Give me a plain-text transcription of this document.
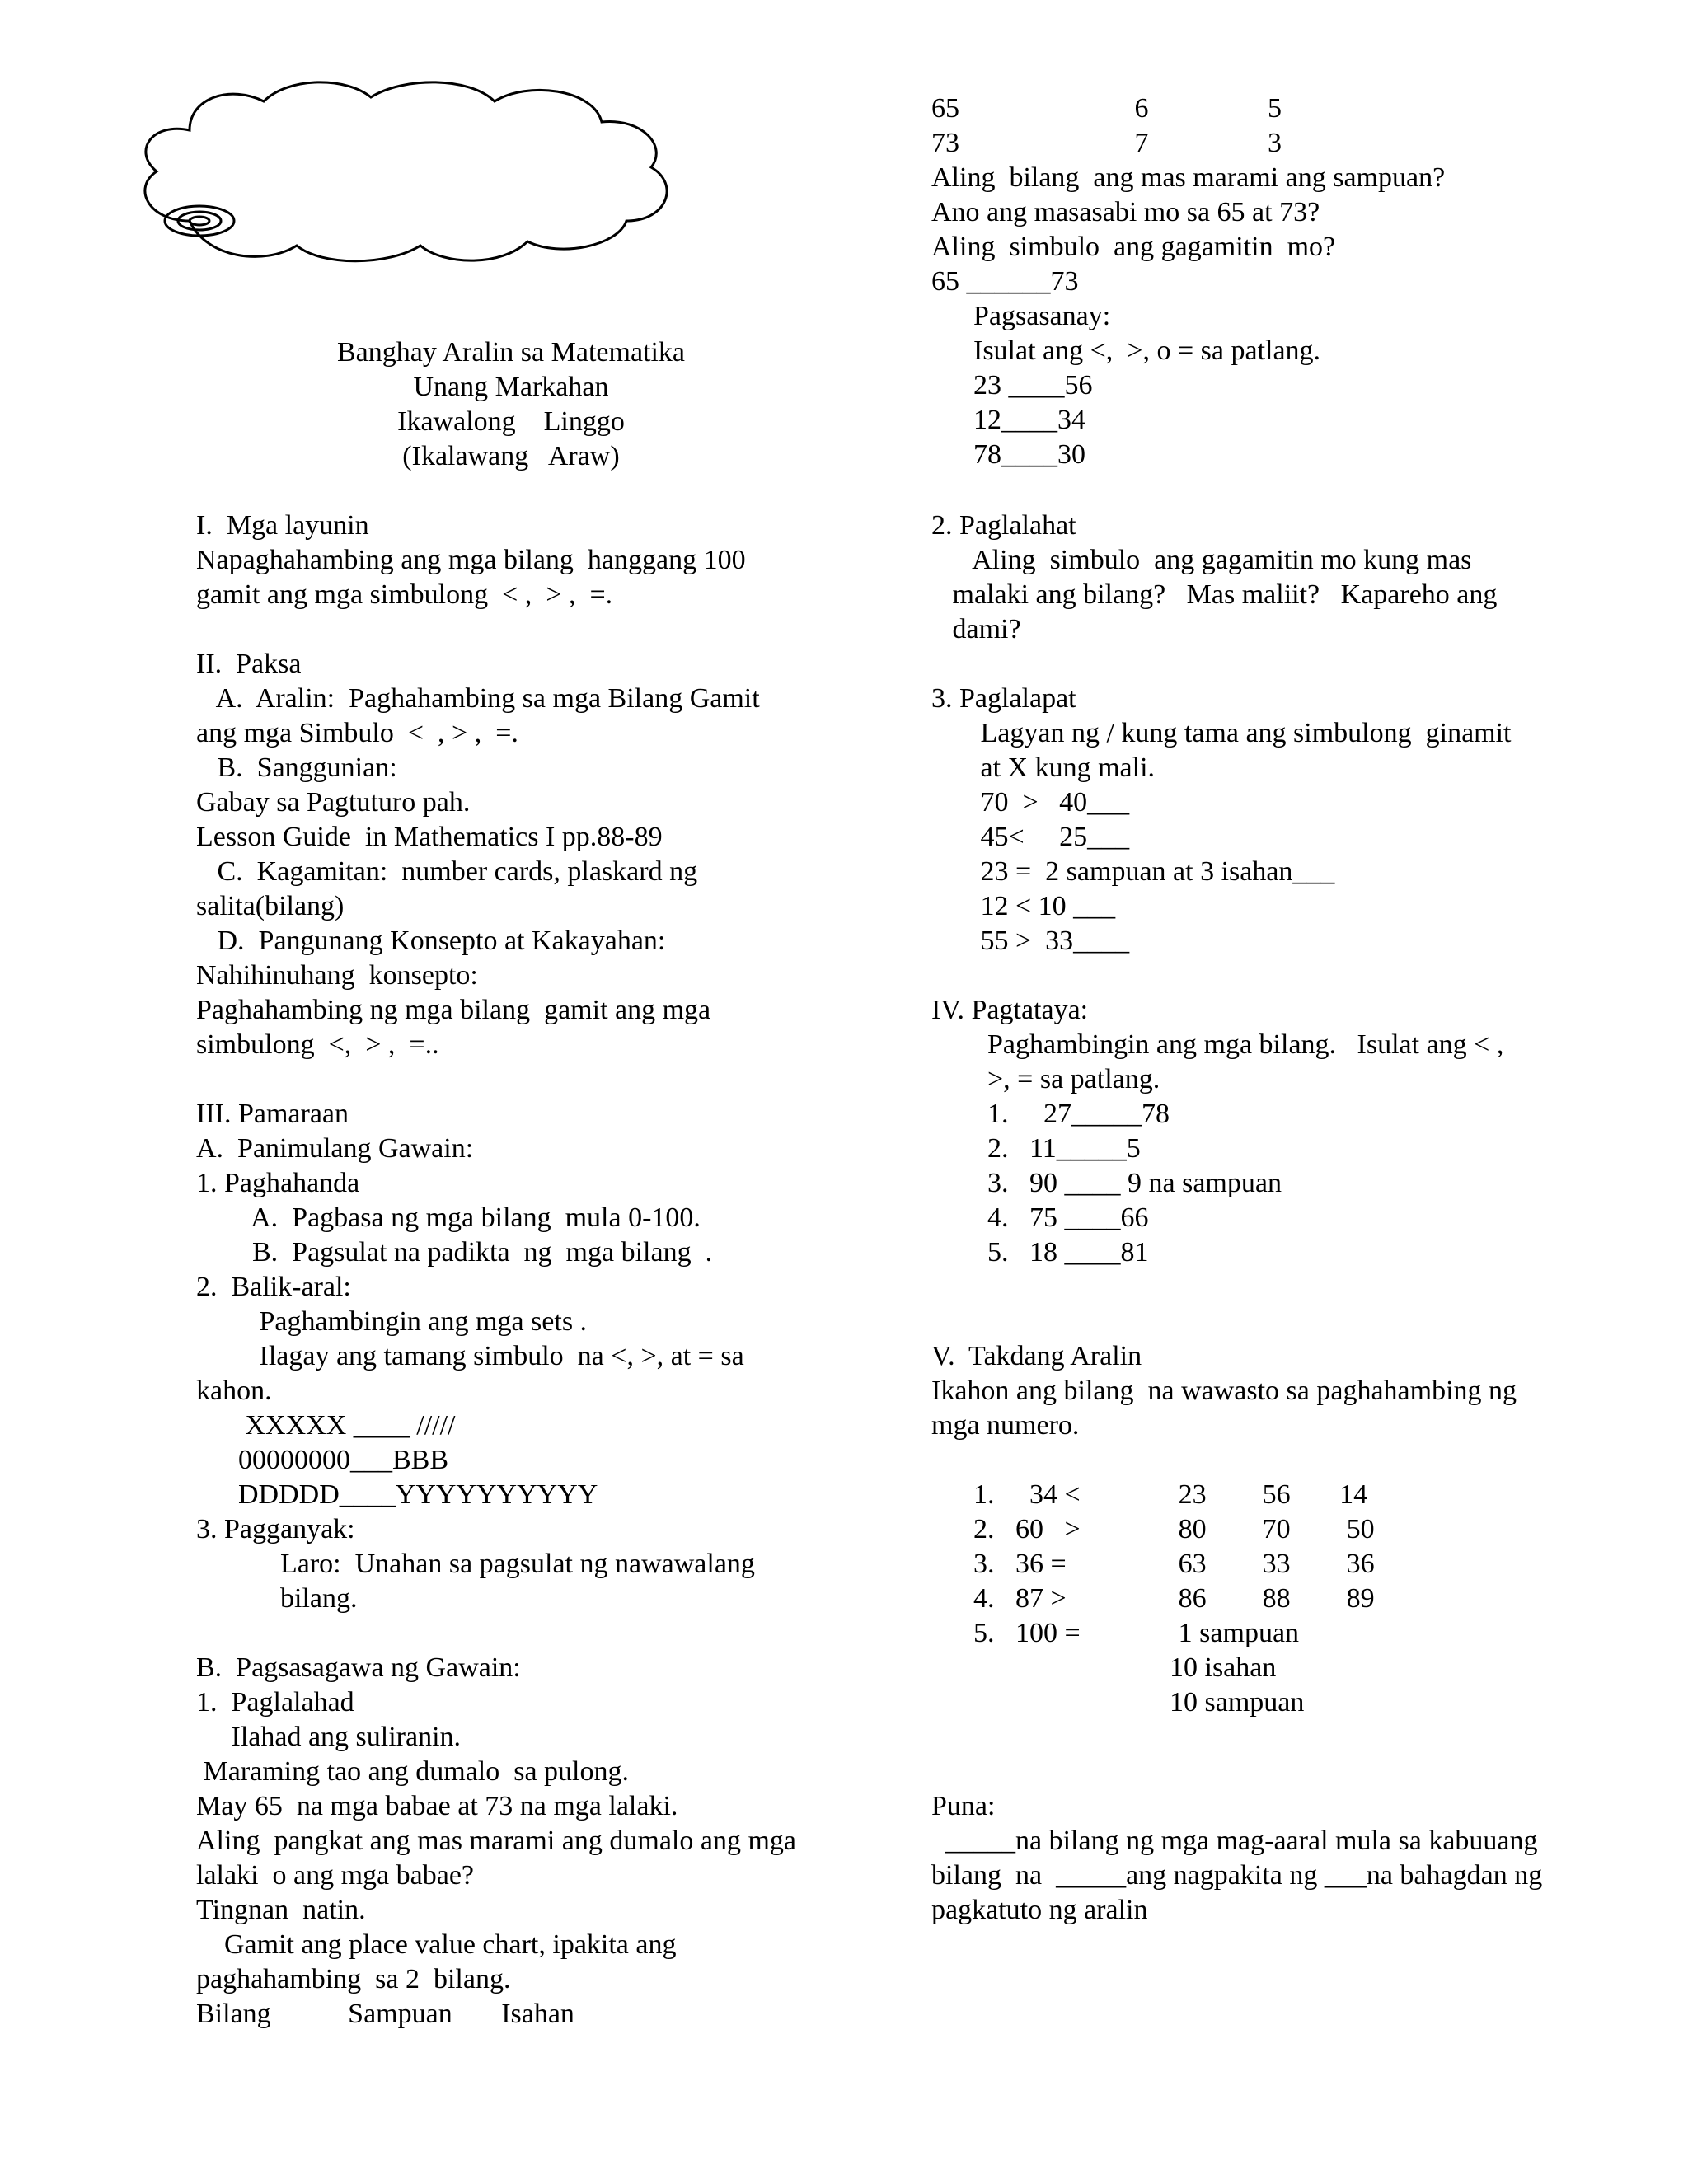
Banghay Aralin sa Matematika
Unang Markahan
Ikawalong    Linggo
(Ikalawang   Araw)
I.  Mga layunin
Napaghahambing ang mga bilang  hanggang 100
gamit ang mga simbulong  < ,  > ,  =.
II.  Paksa
A.  Aralin:  Paghahambing sa mga Bilang Gamit
ang mga Simbulo  <  , > ,  =.
B.  Sanggunian:
Gabay sa Pagtuturo pah.
Lesson Guide  in Mathematics I pp.88-89
C.  Kagamitan:  number cards, plaskard ng
salita(bilang)
D.  Pangunang Konsepto at Kakayahan:
Nahihinuhang  konsepto:
Paghahambing ng mga bilang  gamit ang mga
simbulong  <,  > ,  =..
III. Pamaraan
A.  Panimulang Gawain:
1. Paghahanda
A.  Pagbasa ng mga bilang  mula 0-100.
B.  Pagsulat na padikta  ng  mga bilang  .
2.  Balik-aral:
Paghambingin ang mga sets .
Ilagay ang tamang simbulo  na <, >, at = sa
kahon.
XXXXX ____ /////
00000000___BBB
DDDDD____YYYYYYYYYY
3. Pagganyak:
Laro:  Unahan sa pagsulat ng nawawalang
bilang.
B.  Pagsasagawa ng Gawain:
1.  Paglalahad
Ilahad ang suliranin.
Maraming tao ang dumalo  sa pulong.
May 65  na mga babae at 73 na mga lalaki.
Aling  pangkat ang mas marami ang dumalo ang mga
lalaki  o ang mga babae?
Tingnan  natin.
Gamit ang place value chart, ipakita ang
paghahambing  sa 2  bilang.
Bilang           Sampuan       Isahan
65                         6                 5
73                         7                 3
Aling  bilang  ang mas marami ang sampuan?
Ano ang masasabi mo sa 65 at 73?
Aling  simbulo  ang gagamitin  mo?
65 ______73
Pagsasanay:
Isulat ang <,  >, o = sa patlang.
23 ____56
12____34
78____30
2. Paglalahat
Aling  simbulo  ang gagamitin mo kung mas
malaki ang bilang?   Mas maliit?   Kapareho ang
dami?
3. Paglalapat
Lagyan ng / kung tama ang simbulong  ginamit
at X kung mali.
70  >   40___
45<     25___
23 =  2 sampuan at 3 isahan___
12 < 10 ___
55 >  33____
IV. Pagtataya:
Paghambingin ang mga bilang.   Isulat ang < ,
>, = sa patlang.
1.     27_____78
2.   11_____5
3.   90 ____ 9 na sampuan
4.   75 ____66
5.   18 ____81
V.  Takdang Aralin
Ikahon ang bilang  na wawasto sa paghahambing ng
mga numero.
1.     34 <              23        56       14
2.   60   >              80        70        50
3.   36 =                63        33        36
4.   87 >                86        88        89
5.   100 =              1 sampuan
10 isahan
10 sampuan
Puna:
_____na bilang ng mga mag-aaral mula sa kabuuang
bilang  na  _____ang nagpakita ng ___na bahagdan ng
pagkatuto ng aralin
